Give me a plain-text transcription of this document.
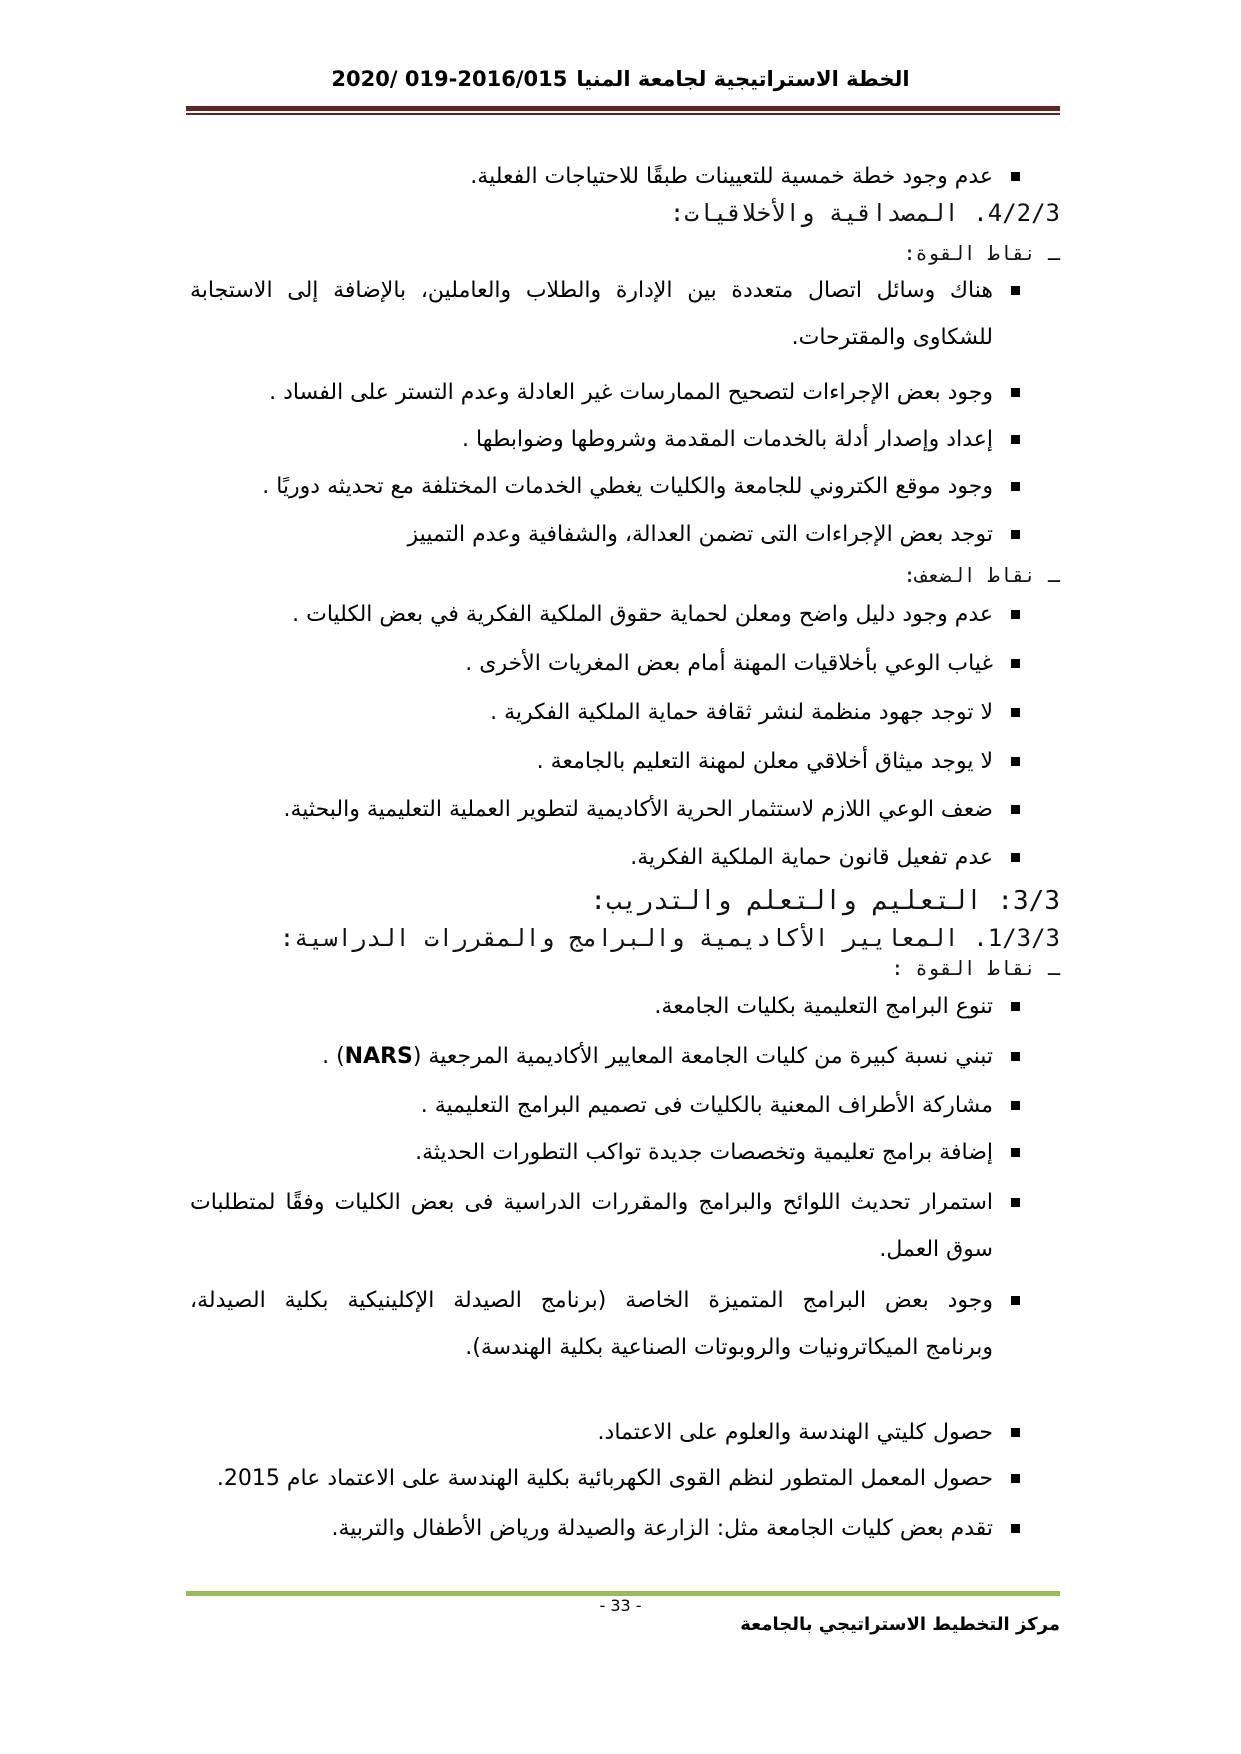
الخطة الاستراتيجية لجامعة المنيا2020/ 019-2016/015
عدم وجود خطة خمسية للتعيينات طبقًا للاحتياجات الفعلية.
4/2/3. المصداقية والأخلاقيات:
ـ نقاط القوة:
هناك وسائل اتصال متعددة بين الإدارة والطلاب والعاملين، بالإضافة إلى الاستجابة
للشكاوى والمقترحات.
وجود بعض الإجراءات لتصحيح الممارسات غير العادلة وعدم التستر على الفساد .
إعداد وإصدار أدلة بالخدمات المقدمة وشروطها وضوابطها .
وجود موقع الكتروني للجامعة والكليات يغطي الخدمات المختلفة مع تحديثه دوريًا .
توجد بعض الإجراءات التى تضمن العدالة، والشفافية وعدم التمييز
ـ نقاط الضعف:
عدم وجود دليل واضح ومعلن لحماية حقوق الملكية الفكرية في بعض الكليات .
غياب الوعي بأخلاقيات المهنة أمام بعض المغريات الأخرى .
لا توجد جهود منظمة لنشر ثقافة حماية الملكية الفكرية .
لا يوجد ميثاق أخلاقي معلن لمهنة التعليم بالجامعة .
ضعف الوعي اللازم لاستثمار الحرية الأكاديمية لتطوير العملية التعليمية والبحثية.
عدم تفعيل قانون حماية الملكية الفكرية.
3/3: التعليم والتعلم والتدريب:
1/3/3. المعايير الأكاديمية والبرامج والمقررات الدراسية:
ـ نقاط القوة :
تنوع البرامج التعليمية بكليات الجامعة.
تبني نسبة كبيرة من كليات الجامعة المعايير الأكاديمية المرجعية (NARS) .
مشاركة الأطراف المعنية بالكليات فى تصميم البرامج التعليمية .
إضافة برامج تعليمية وتخصصات جديدة تواكب التطورات الحديثة.
استمرار تحديث اللوائح والبرامج والمقررات الدراسية فى بعض الكليات وفقًا لمتطلبات
سوق العمل.
وجود بعض البرامج المتميزة الخاصة (برنامج الصيدلة الإكلينيكية بكلية الصيدلة،
وبرنامج الميكاترونيات والروبوتات الصناعية بكلية الهندسة).
حصول كليتي الهندسة والعلوم على الاعتماد.
حصول المعمل المتطور لنظم القوى الكهربائية بكلية الهندسة على الاعتماد عام 2015.
تقدم بعض كليات الجامعة مثل: الزارعة والصيدلة ورياض الأطفال والتربية.
- 33 -
مركز التخطيط الاستراتيجي بالجامعة
